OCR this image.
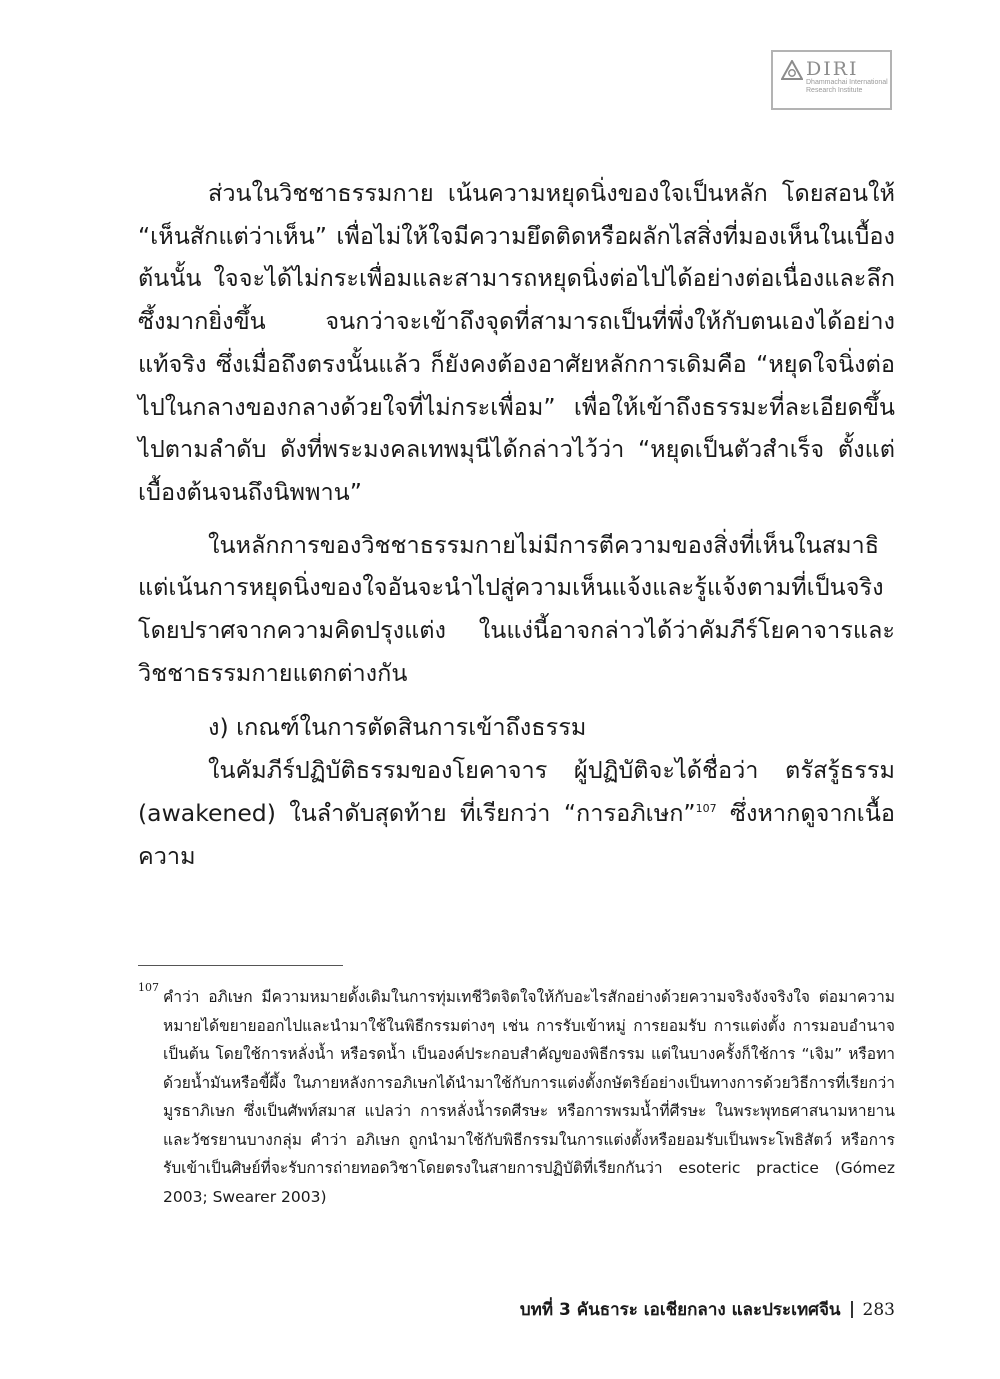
DIRI
Dhammachai International
Research Institute

ส่วนในวิชชาธรรมกาย เน้นความหยุดนิ่งของใจเป็นหลัก โดยสอนให้ “เห็นสักแต่ว่าเห็น” เพื่อไม่ให้ใจมีความยึดติดหรือผลักไสสิ่งที่มองเห็นในเบื้องต้นนั้น ใจจะได้ไม่กระเพื่อมและสามารถหยุดนิ่งต่อไปได้อย่างต่อเนื่องและลึกซึ้งมากยิ่งขึ้น จนกว่าจะเข้าถึงจุดที่สามารถเป็นที่พึ่งให้กับตนเองได้อย่างแท้จริง ซึ่งเมื่อถึงตรงนั้นแล้ว ก็ยังคงต้องอาศัยหลักการเดิมคือ “หยุดใจนิ่งต่อไปในกลางของกลางด้วยใจที่ไม่กระเพื่อม” เพื่อให้เข้าถึงธรรมะที่ละเอียดขึ้นไปตามลำดับ ดังที่พระมงคลเทพมุนีได้กล่าวไว้ว่า “หยุดเป็นตัวสำเร็จ ตั้งแต่เบื้องต้นจนถึงนิพพาน”

ในหลักการของวิชชาธรรมกายไม่มีการตีความของสิ่งที่เห็นในสมาธิ แต่เน้นการหยุดนิ่งของใจอันจะนำไปสู่ความเห็นแจ้งและรู้แจ้งตามที่เป็นจริงโดยปราศจากความคิดปรุงแต่ง ในแง่นี้อาจกล่าวได้ว่าคัมภีร์โยคาจารและวิชชาธรรมกายแตกต่างกัน

ง) เกณฑ์ในการตัดสินการเข้าถึงธรรม

ในคัมภีร์ปฏิบัติธรรมของโยคาจาร ผู้ปฏิบัติจะได้ชื่อว่า ตรัสรู้ธรรม (awakened) ในลำดับสุดท้าย ที่เรียกว่า “การอภิเษก”$^{107}$ ซึ่งหากดูจากเนื้อความ

107

คำว่า อภิเษก มีความหมายดั้งเดิมในการทุ่มเทชีวิตจิตใจให้กับอะไรสักอย่างด้วยความจริงจังจริงใจ ต่อมาความหมายได้ขยายออกไปและนำมาใช้ในพิธีกรรมต่างๆ เช่น การรับเข้าหมู่ การยอมรับ การแต่งตั้ง การมอบอำนาจ เป็นต้น โดยใช้การหลั่งน้ำ หรือรดน้ำ เป็นองค์ประกอบสำคัญของพิธีกรรม แต่ในบางครั้งก็ใช้การ “เจิม” หรือทาด้วยน้ำมันหรือขี้ผึ้ง ในภายหลังการอภิเษกได้นำมาใช้กับการแต่งตั้งกษัตริย์อย่างเป็นทางการด้วยวิธีการที่เรียกว่า มูรธาภิเษก ซึ่งเป็นศัพท์สมาส แปลว่า การหลั่งน้ำรดศีรษะ หรือการพรมน้ำที่ศีรษะ ในพระพุทธศาสนามหายานและวัชรยานบางกลุ่ม คำว่า อภิเษก ถูกนำมาใช้กับพิธีกรรมในการแต่งตั้งหรือยอมรับเป็นพระโพธิสัตว์ หรือการรับเข้าเป็นศิษย์ที่จะรับการถ่ายทอดวิชาโดยตรงในสายการปฏิบัติที่เรียกกันว่า esoteric practice (Gómez 2003; Swearer 2003)

บทที่ 3 คันธาระ เอเชียกลาง และประเทศจีน 283
